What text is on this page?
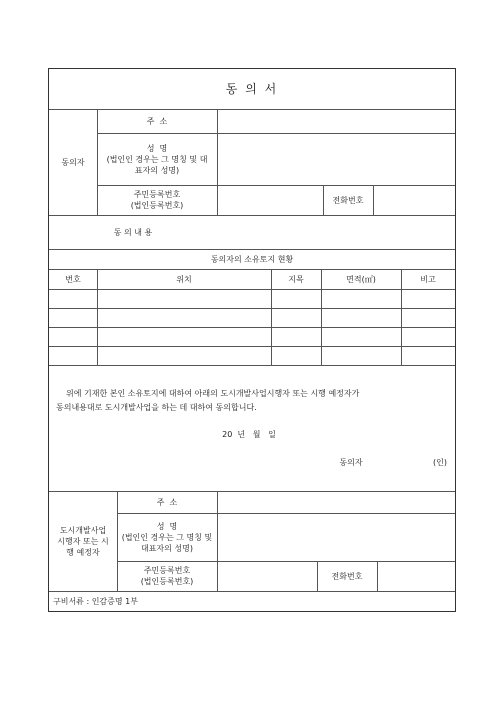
동 의 서
동의자
주  소
성  명
(법인인 경우는 그 명칭 및 대표자의 성명)
주민등록번호
(법인등록번호)
전화번호
동 의 내 용
동의자의 소유토지 현황
번호	위치	지목	면적(㎡)	비고
위에 기재한 본인 소유토지에 대하여 아래의 도시개발사업시행자 또는 시행 예정자가
동의내용대로 도시개발사업을 하는 데 대하여 동의합니다.
20  년   월   일
동의자	(인)
도시개발사업 시행자 또는 시행 예정자
주  소
성  명
(법인인 경우는 그 명칭 및 대표자의 성명)
주민등록번호
(법인등록번호)
전화번호
구비서류 : 인감증명 1부
